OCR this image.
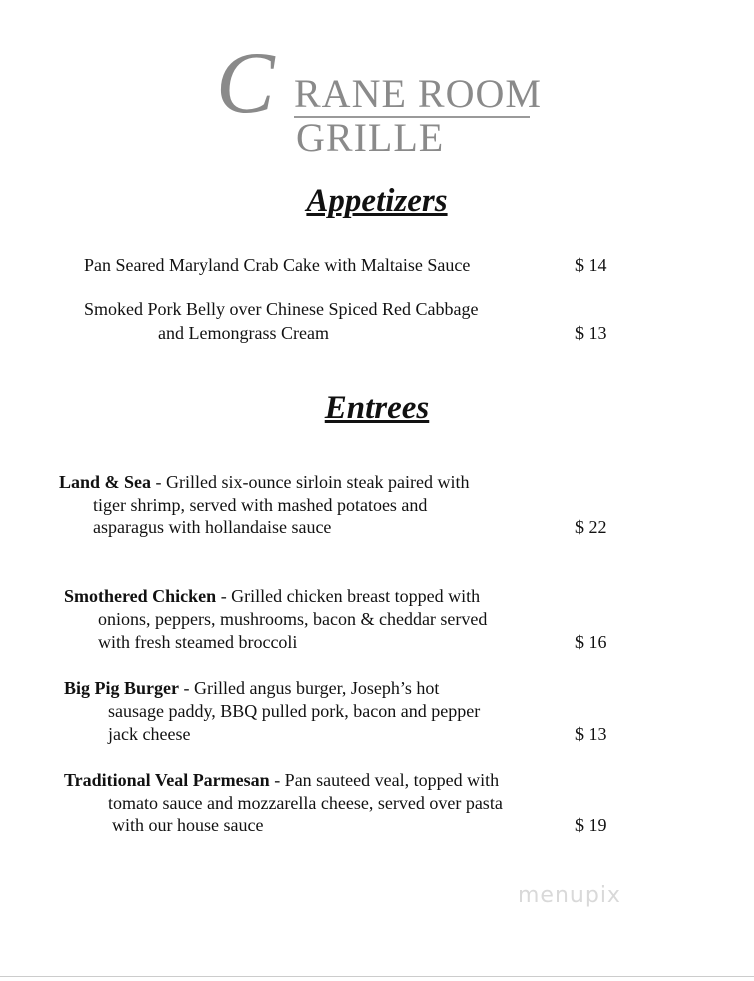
C RANE ROOM
GRILLE
Appetizers
Pan Seared Maryland Crab Cake with Maltaise Sauce	$ 14
Smoked Pork Belly over Chinese Spiced Red Cabbage
and Lemongrass Cream	$ 13
Entrees
Land & Sea - Grilled six-ounce sirloin steak paired with
tiger shrimp, served with mashed potatoes and
asparagus with hollandaise sauce	$ 22
Smothered Chicken - Grilled chicken breast topped with
onions, peppers, mushrooms, bacon & cheddar served
with fresh steamed broccoli	$ 16
Big Pig Burger - Grilled angus burger, Joseph’s hot
sausage paddy, BBQ pulled pork, bacon and pepper
jack cheese	$ 13
Traditional Veal Parmesan - Pan sauteed veal, topped with
tomato sauce and mozzarella cheese, served over pasta
with our house sauce	$ 19
menupix
